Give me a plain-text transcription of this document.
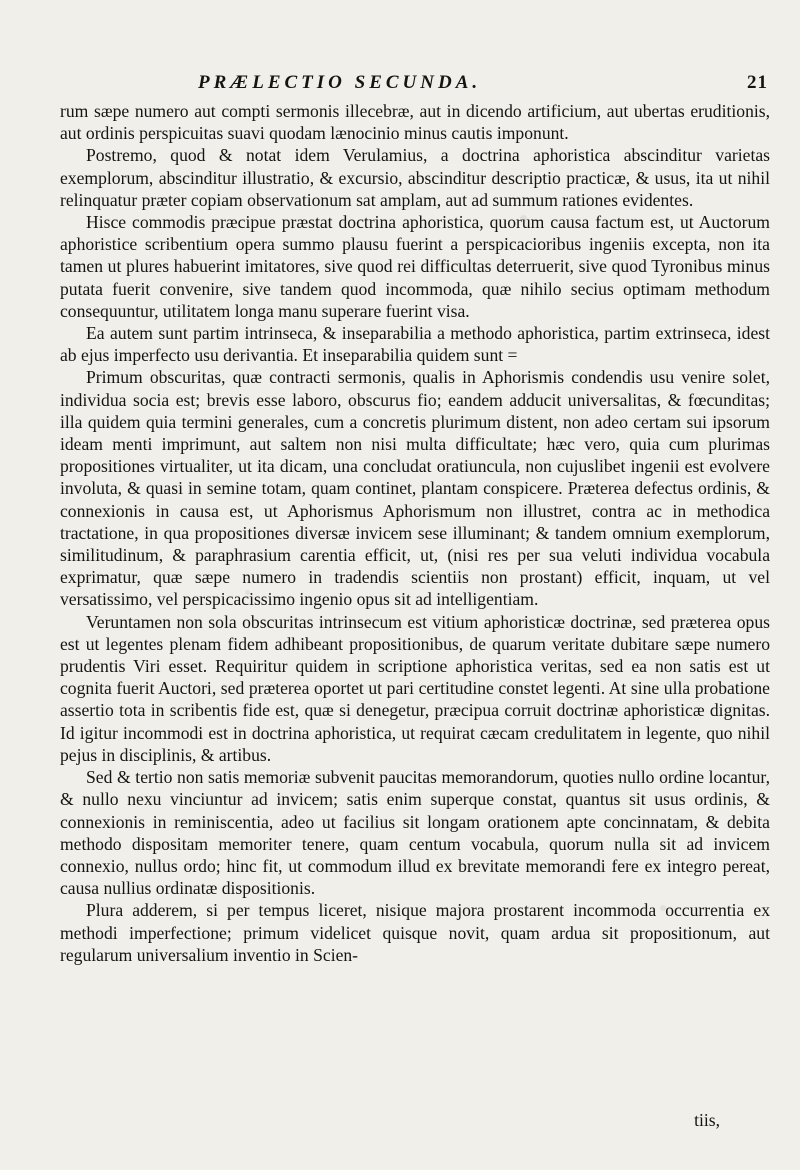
PRÆLECTIO SECUNDA.	21

rum sæpe numero aut compti sermonis illecebræ, aut in dicendo artificium, aut ubertas eruditionis, aut ordinis perspicuitas suavi quodam lænocinio minus cautis imponunt.

Postremo, quod & notat idem Verulamius, a doctrina aphoristica abscinditur varietas exemplorum, abscinditur illustratio, & excursio, abscinditur descriptio practicæ, & usus, ita ut nihil relinquatur præter copiam observationum sat amplam, aut ad summum rationes evidentes.

Hisce commodis præcipue præstat doctrina aphoristica, quorum causa factum est, ut Auctorum aphoristice scribentium opera summo plausu fuerint a perspicacioribus ingeniis excepta, non ita tamen ut plures habuerint imitatores, sive quod rei difficultas deterruerit, sive quod Tyronibus minus putata fuerit convenire, sive tandem quod incommoda, quæ nihilo secius optimam methodum consequuntur, utilitatem longa manu superare fuerint visa.

Ea autem sunt partim intrinseca, & inseparabilia a methodo aphoristica, partim extrinseca, idest ab ejus imperfecto usu derivantia. Et inseparabilia quidem sunt =

Primum obscuritas, quæ contracti sermonis, qualis in Aphorismis condendis usu venire solet, individua socia est; brevis esse laboro, obscurus fio; eandem adducit universalitas, & fœcunditas; illa quidem quia termini generales, cum a concretis plurimum distent, non adeo certam sui ipsorum ideam menti imprimunt, aut saltem non nisi multa difficultate; hæc vero, quia cum plurimas propositiones virtualiter, ut ita dicam, una concludat oratiuncula, non cujuslibet ingenii est evolvere involuta, & quasi in semine totam, quam continet, plantam conspicere. Præterea defectus ordinis, & connexionis in causa est, ut Aphorismus Aphorismum non illustret, contra ac in methodica tractatione, in qua propositiones diversæ invicem sese illuminant; & tandem omnium exemplorum, similitudinum, & paraphrasium carentia efficit, ut, (nisi res per sua veluti individua vocabula exprimatur, quæ sæpe numero in tradendis scientiis non prostant) efficit, inquam, ut vel versatissimo, vel perspicacissimo ingenio opus sit ad intelligentiam.

Veruntamen non sola obscuritas intrinsecum est vitium aphoristicæ doctrinæ, sed præterea opus est ut legentes plenam fidem adhibeant propositionibus, de quarum veritate dubitare sæpe numero prudentis Viri esset. Requiritur quidem in scriptione aphoristica veritas, sed ea non satis est ut cognita fuerit Auctori, sed præterea oportet ut pari certitudine constet legenti. At sine ulla probatione assertio tota in scribentis fide est, quæ si denegetur, præcipua corruit doctrinæ aphoristicæ dignitas. Id igitur incommodi est in doctrina aphoristica, ut requirat cæcam credulitatem in legente, quo nihil pejus in disciplinis, & artibus.

Sed & tertio non satis memoriæ subvenit paucitas memorandorum, quoties nullo ordine locantur, & nullo nexu vinciuntur ad invicem; satis enim superque constat, quantus sit usus ordinis, & connexionis in reminiscentia, adeo ut facilius sit longam orationem apte concinnatam, & debita methodo dispositam memoriter tenere, quam centum vocabula, quorum nulla sit ad invicem connexio, nullus ordo; hinc fit, ut commodum illud ex brevitate memorandi fere ex integro pereat, causa nullius ordinatæ dispositionis.

Plura adderem, si per tempus liceret, nisique majora prostarent incommoda occurrentia ex methodi imperfectione; primum videlicet quisque novit, quam ardua sit propositionum, aut regularum universalium inventio in Scien-

tiis,
